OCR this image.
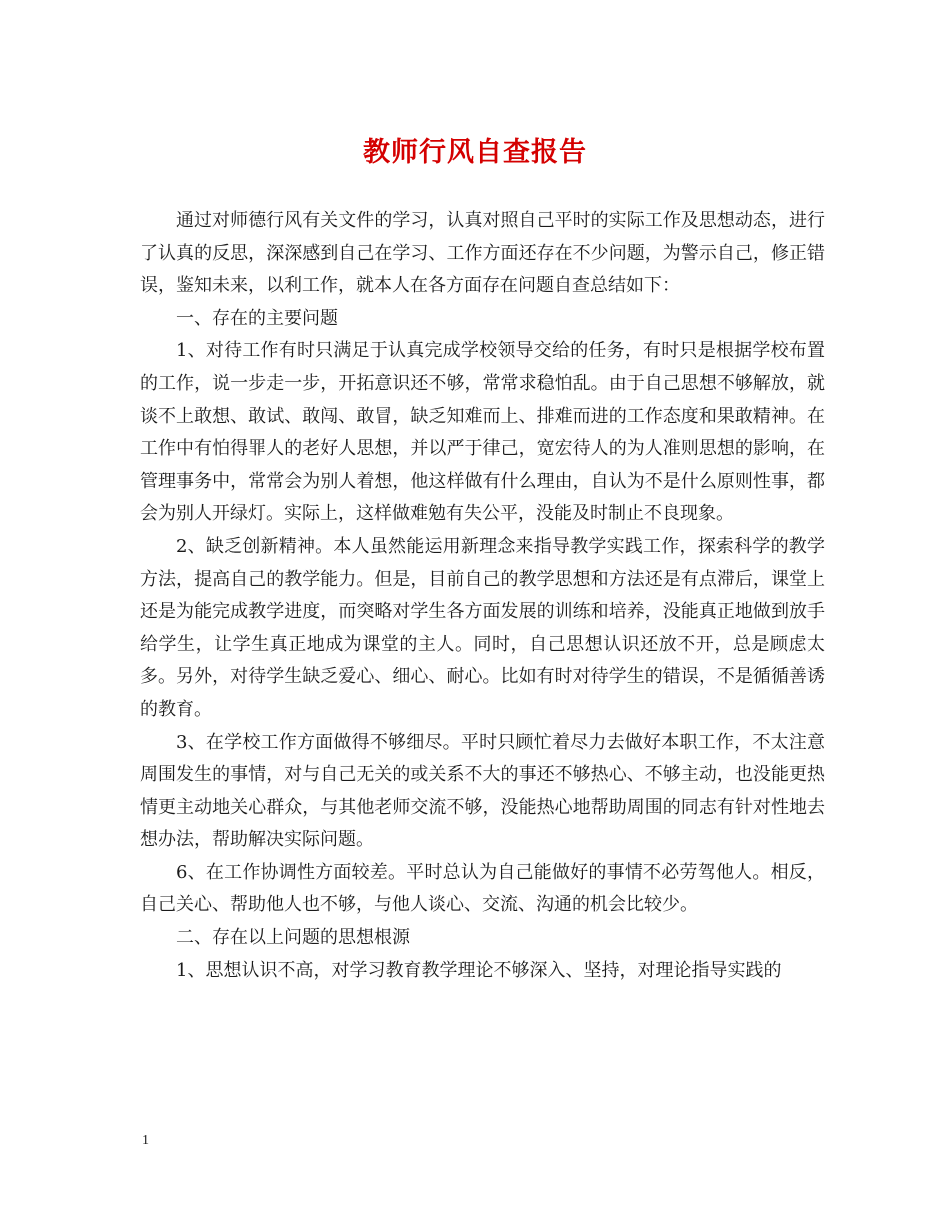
教师行风自查报告

通过对师德行风有关文件的学习，认真对照自己平时的实际工作及思想动态，进行了认真的反思，深深感到自己在学习、工作方面还存在不少问题，为警示自己，修正错误，鉴知未来，以利工作，就本人在各方面存在问题自查总结如下：

一、存在的主要问题

1、对待工作有时只满足于认真完成学校领导交给的任务，有时只是根据学校布置的工作，说一步走一步，开拓意识还不够，常常求稳怕乱。由于自己思想不够解放，就谈不上敢想、敢试、敢闯、敢冒，缺乏知难而上、排难而进的工作态度和果敢精神。在工作中有怕得罪人的老好人思想，并以严于律己，宽宏待人的为人准则思想的影响，在管理事务中，常常会为别人着想，他这样做有什么理由，自认为不是什么原则性事，都会为别人开绿灯。实际上，这样做难勉有失公平，没能及时制止不良现象。

2、缺乏创新精神。本人虽然能运用新理念来指导教学实践工作，探索科学的教学方法，提高自己的教学能力。但是，目前自己的教学思想和方法还是有点滞后，课堂上还是为能完成教学进度，而突略对学生各方面发展的训练和培养，没能真正地做到放手给学生，让学生真正地成为课堂的主人。同时，自己思想认识还放不开，总是顾虑太多。另外，对待学生缺乏爱心、细心、耐心。比如有时对待学生的错误，不是循循善诱的教育。

3、在学校工作方面做得不够细尽。平时只顾忙着尽力去做好本职工作，不太注意周围发生的事情，对与自己无关的或关系不大的事还不够热心、不够主动，也没能更热情更主动地关心群众，与其他老师交流不够，没能热心地帮助周围的同志有针对性地去想办法，帮助解决实际问题。

6、在工作协调性方面较差。平时总认为自己能做好的事情不必劳驾他人。相反，自己关心、帮助他人也不够，与他人谈心、交流、沟通的机会比较少。

二、存在以上问题的思想根源

1、思想认识不高，对学习教育教学理论不够深入、坚持，对理论指导实践的

1
